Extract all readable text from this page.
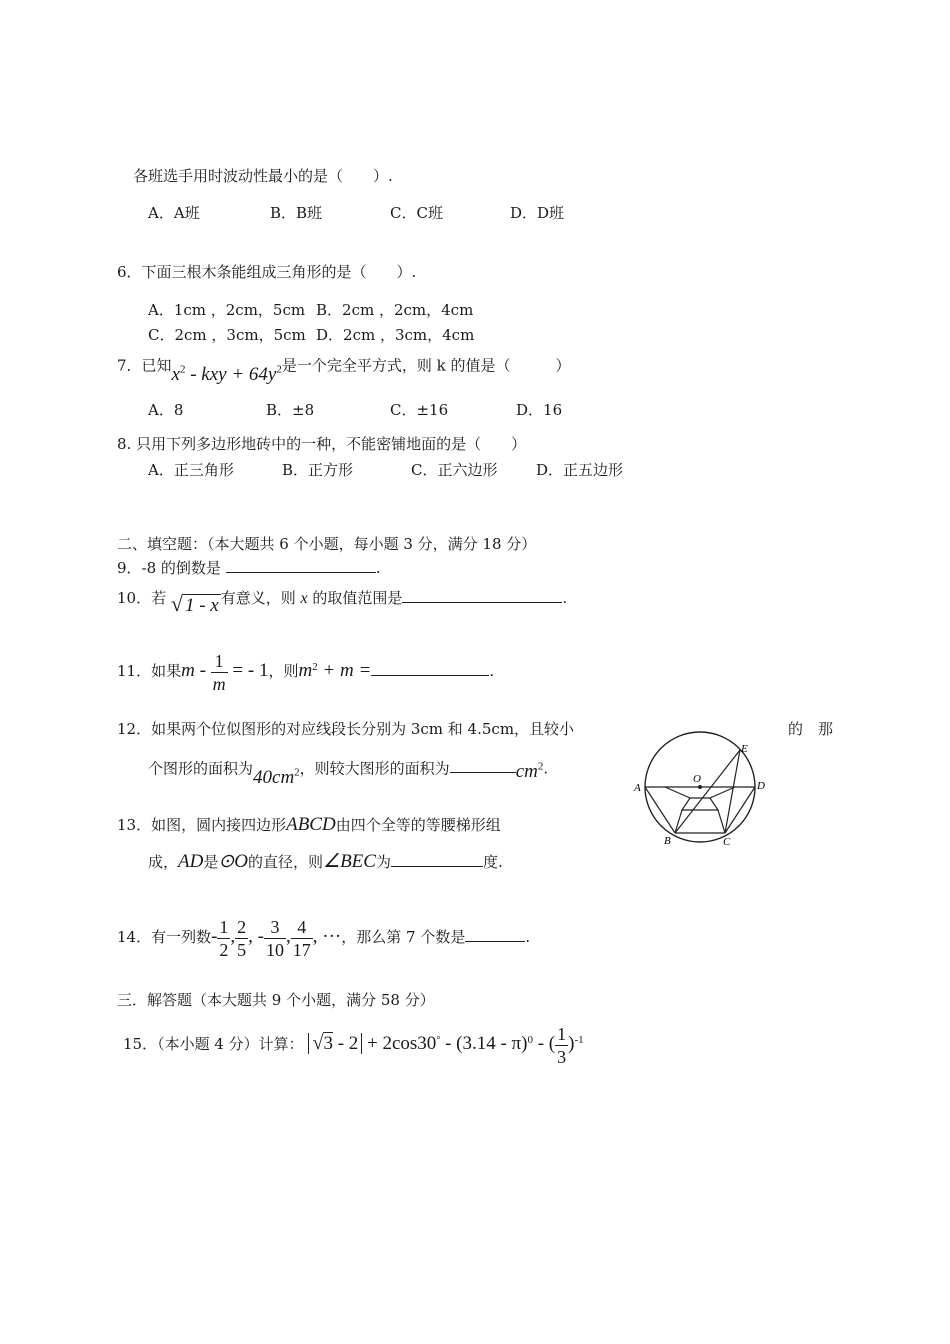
各班选手用时波动性最小的是（　　）.
A．A班	B．B班	C．C班	D．D班
6．下面三根木条能组成三角形的是（　　）.
A．1cm ，2cm，5cm B．2cm ，2cm，4cm
C．2cm ，3cm，5cm D．2cm ，3cm，4cm
7．已知$x^2$ - kxy + $64y^2$是一个完全平方式，则 k 的值是（　　　）
A．8	B．±8	C．±16	D．16
8. 只用下列多边形地砖中的一种，不能密铺地面的是（　　）
A．正三角形	B．正方形	C．正六边形	D．正五边形
二、填空题：（本大题共 6 个小题，每小题 3 分，满分 18 分）
9．-8 的倒数是	.
10．若 √ 1 - x 有意义，则 x 的取值范围是	.
11．如果m - $\frac{1}{m}$ = - 1，则$m^2 + m$ =	.
12．如果两个位似图形的对应线段长分别为 3cm 和 4.5cm，且较小	的　那
个图形的面积为$40cm^2$，则较大图形的面积为	$cm^2$.
13．如图，圆内接四边形ABCD由四个全等的等腰梯形组
成，AD是⊙O的直径，则∠BEC为	度.
A	D
B	C
E
O
14．有一列数- $\frac{1}{2}$ , $\frac{2}{5}$ , - $\frac{3}{10}$ , $\frac{4}{17}$ , ···，那么第 7 个数是	.
三．解答题（本大题共 9 个小题，满分 58 分）
15．（本小题 4 分）计算： √3 - 2 + 2cos30° - (3.14 - π)$^0$ - ( $\frac{1}{3} )^{-1}$
